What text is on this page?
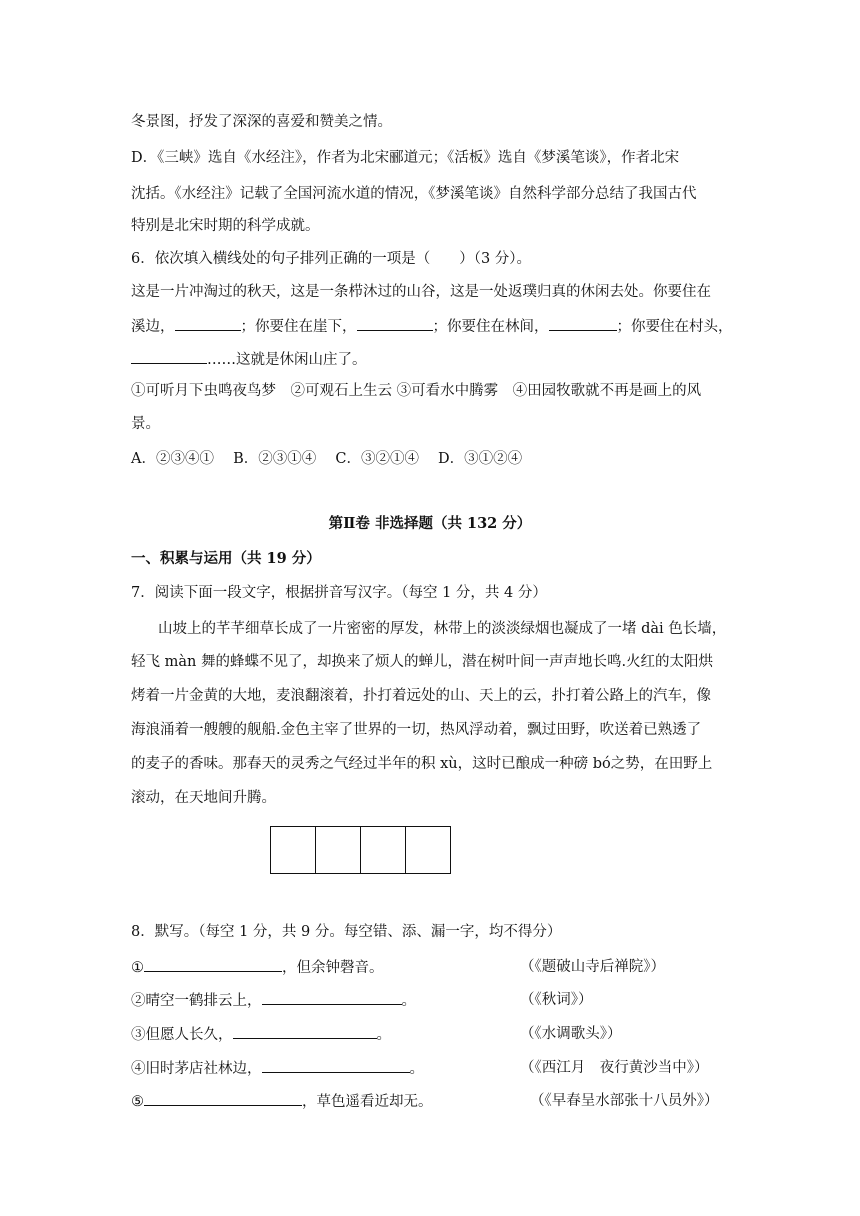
冬景图，抒发了深深的喜爱和赞美之情。
D．《三峡》选自《水经注》，作者为北宋郦道元；《活板》选自《梦溪笔谈》，作者北宋
沈括。《水经注》记载了全国河流水道的情况，《梦溪笔谈》自然科学部分总结了我国古代
特别是北宋时期的科学成就。
6．依次填入横线处的句子排列正确的一项是（　　）（3 分）。
这是一片冲淘过的秋天，这是一条栉沐过的山谷，这是一处返璞归真的休闲去处。你要住在
溪边，	；你要住在崖下，	；你要住在林间，	；你要住在村头，
……这就是休闲山庄了。
①可听月下虫鸣夜鸟梦　②可观石上生云 ③可看水中腾雾　④田园牧歌就不再是画上的风
景。
A．②③④①　 B．②③①④　 C．③②①④　 D．③①②④
第Ⅱ卷 非选择题（共 132 分）
一、积累与运用（共 19 分）
7．阅读下面一段文字，根据拼音写汉字。（每空 1 分，共 4 分）
山坡上的芊芊细草长成了一片密密的厚发，林带上的淡淡绿烟也凝成了一堵 dài 色长墙，
轻飞 màn 舞的蜂蝶不见了，却换来了烦人的蝉儿，潜在树叶间一声声地长鸣.火红的太阳烘
烤着一片金黄的大地，麦浪翻滚着，扑打着远处的山、天上的云，扑打着公路上的汽车，像
海浪涌着一艘艘的舰船.金色主宰了世界的一切，热风浮动着，飘过田野，吹送着已熟透了
的麦子的香味。那春天的灵秀之气经过半年的积 xù，这时已酿成一种磅 bó之势，在田野上
滚动，在天地间升腾。
8．默写。（每空 1 分，共 9 分。每空错、添、漏一字，均不得分）
①	，但余钟磬音。	（《题破山寺后禅院》）
②晴空一鹤排云上，	。	（《秋词》）
③但愿人长久，	。	（《水调歌头》）
④旧时茅店社林边，	。	（《西江月　夜行黄沙当中》）
⑤	，草色遥看近却无。	（《早春呈水部张十八员外》）
